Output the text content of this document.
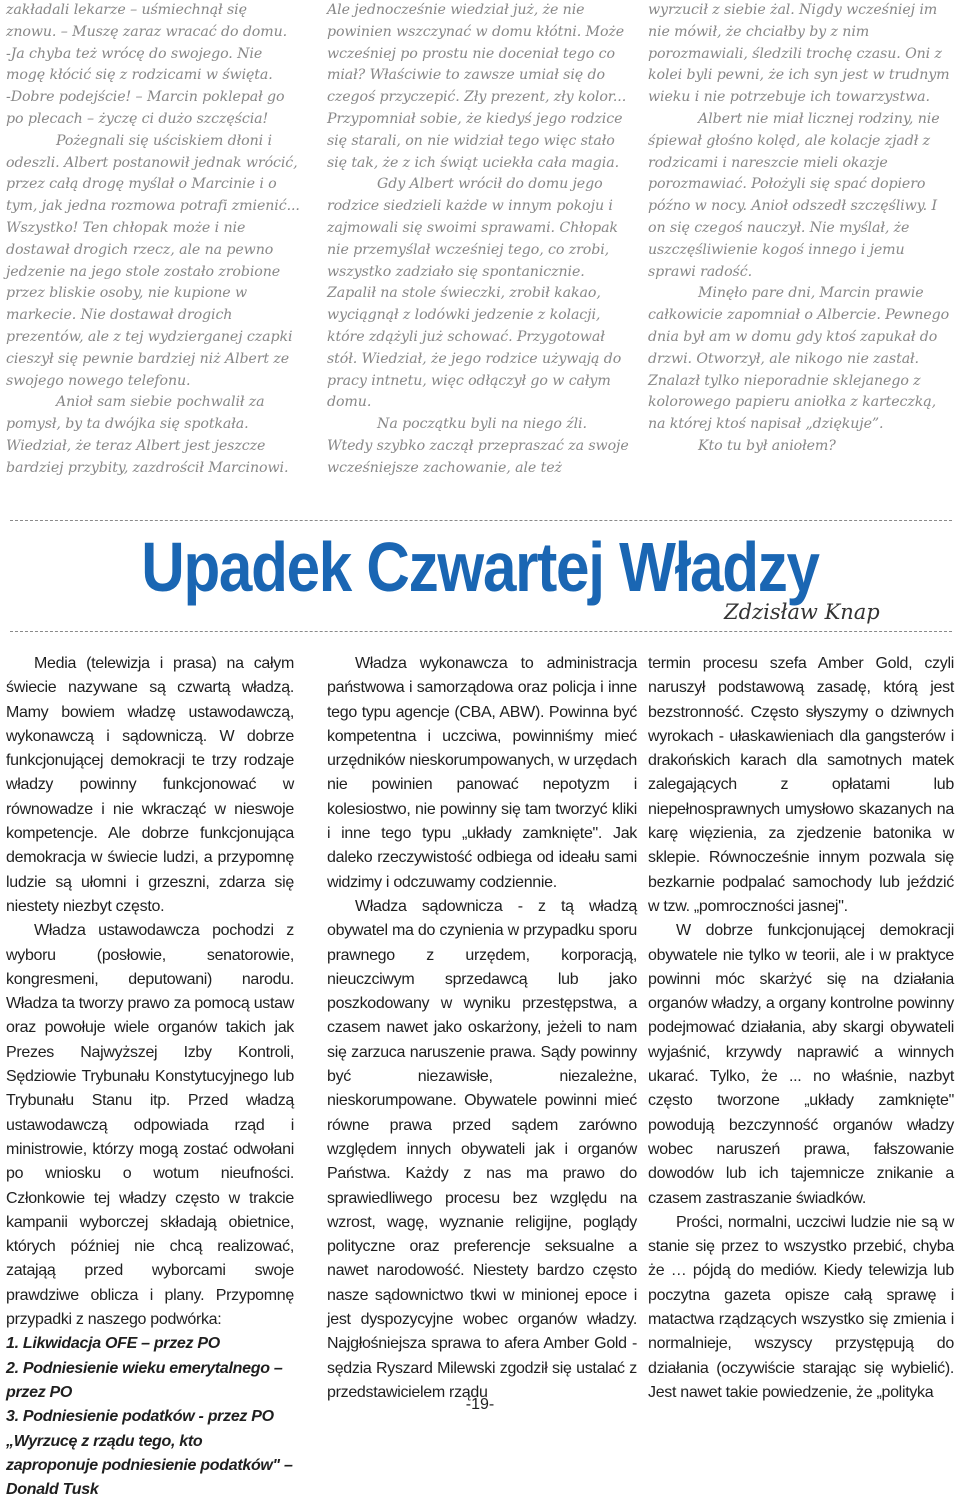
zakładali lekarze – uśmiechnął się znowu. – Muszę zaraz wracać do domu.

-Ja chyba też wrócę do swojego. Nie mogę kłócić się z rodzicami w święta.

-Dobre podejście! – Marcin poklepał go po plecach – życzę ci dużo szczęścia!

Pożegnali się uściskiem dłoni i odeszli. Albert postanowił jednak wrócić, przez całą drogę myślał o Marcinie i o tym, jak jedna rozmowa potrafi zmienić... Wszystko! Ten chłopak może i nie dostawał drogich rzecz, ale na pewno jedzenie na jego stole zostało zrobione przez bliskie osoby, nie kupione w markecie. Nie dostawał drogich prezentów, ale z tej wydzierganej czapki cieszył się pewnie bardziej niż Albert ze swojego nowego telefonu.

Anioł sam siebie pochwalił za pomysł, by ta dwójka się spotkała. Wiedział, że teraz Albert jest jeszcze bardziej przybity, zazdrościł Marcinowi.

Ale jednocześnie wiedział już, że nie powinien wszczynać w domu kłótni. Może wcześniej po prostu nie doceniał tego co miał? Właściwie to zawsze umiał się do czegoś przyczepić. Zły prezent, zły kolor... Przypomniał sobie, że kiedyś jego rodzice się starali, on nie widział tego więc stało się tak, że z ich świąt uciekła cała magia.

Gdy Albert wrócił do domu jego rodzice siedzieli każde w innym pokoju i zajmowali się swoimi sprawami. Chłopak nie przemyślał wcześniej tego, co zrobi, wszystko zadziało się spontanicznie. Zapalił na stole świeczki, zrobił kakao, wyciągnął z lodówki jedzenie z kolacji, które zdążyli już schować. Przygotował stół. Wiedział, że jego rodzice używają do pracy intnetu, więc odłączył go w całym domu.

Na początku byli na niego źli. Wtedy szybko zaczął przepraszać za swoje wcześniejsze zachowanie, ale też

wyrzucił z siebie żal. Nigdy wcześniej im nie mówił, że chciałby by z nim porozmawiali, śledzili trochę czasu. Oni z kolei byli pewni, że ich syn jest w trudnym wieku i nie potrzebuje ich towarzystwa.

Albert nie miał licznej rodziny, nie śpiewał głośno kolęd, ale kolacje zjadł z rodzicami i nareszcie mieli okazje porozmawiać. Położyli się spać dopiero późno w nocy. Anioł odszedł szczęśliwy. I on się czegoś nauczył. Nie myślał, że uszczęśliwienie kogoś innego i jemu sprawi radość.

Minęło pare dni, Marcin prawie całkowicie zapomniał o Albercie. Pewnego dnia był am w domu gdy ktoś zapukał do drzwi. Otworzył, ale nikogo nie zastał. Znalazł tylko nieporadnie sklejanego z kolorowego papieru aniołka z karteczką, na której ktoś napisał „dziękuje”.

Kto tu był aniołem?

Upadek Czwartej Władzy
Zdzisław Knap

Media (telewizja i prasa) na całym świecie nazywane są czwartą władzą. Mamy bowiem władzę ustawodawczą, wykonawczą i sądowniczą. W dobrze funkcjonującej demokracji te trzy rodzaje władzy powinny funkcjonować w równowadze i nie wkracząć w nieswoje kompetencje. Ale dobrze funkcjonująca demokracja w świecie ludzi, a przypomnę ludzie są ułomni i grzeszni, zdarza się niestety niezbyt często.

Władza ustawodawcza pochodzi z wyboru (posłowie, senatorowie, kongresmeni, deputowani) narodu. Władza ta tworzy prawo za pomocą ustaw oraz powołuje wiele organów takich jak Prezes Najwyższej Izby Kontroli, Sędziowie Trybunału Konstytucyjnego lub Trybunału Stanu itp. Przed władzą ustawodawczą odpowiada rząd i ministrowie, którzy mogą zostać odwołani po wniosku o wotum nieufności. Członkowie tej władzy często w trakcie kampanii wyborczej składają obietnice, których później nie chcą realizować, zatająą przed wyborcami swoje prawdziwe oblicza i plany. Przypomnę przypadki z naszego podwórka:

1. Likwidacja OFE – przez PO

2. Podniesienie wieku emerytalnego – przez PO

3. Podniesienie podatków - przez PO

„Wyrzucę z rządu tego, kto zaproponuje podniesienie podatków" – Donald Tusk

Władza wykonawcza to administracja państwowa i samorządowa oraz policja i inne tego typu agencje (CBA, ABW). Powinna być kompetentna i uczciwa, powinniśmy mieć urzędników nieskorumpowanych, w urzędach nie powinien panować nepotyzm i kolesiostwo, nie powinny się tam tworzyć kliki i inne tego typu „układy zamknięte". Jak daleko rzeczywistość odbiega od ideału sami widzimy i odczuwamy codziennie.

Władza sądownicza - z tą władzą obywatel ma do czynienia w przypadku sporu prawnego z urzędem, korporacją, nieuczciwym sprzedawcą lub jako poszkodowany w wyniku przestępstwa, a czasem nawet jako oskarżony, jeżeli to nam się zarzuca naruszenie prawa. Sądy powinny być niezawisłe, niezależne, nieskorumpowane. Obywatele powinni mieć równe prawa przed sądem zarówno względem innych obywateli jak i organów Państwa. Każdy z nas ma prawo do sprawiedliwego procesu bez względu na wzrost, wagę, wyznanie religijne, poglądy polityczne oraz preferencje seksualne a nawet narodowość. Niestety bardzo często nasze sądownictwo tkwi w minionej epoce i jest dyspozycyjne wobec organów władzy. Najgłośniejsza sprawa to afera Amber Gold - sędzia Ryszard Milewski zgodził się ustalać z przedstawicielem rządu

termin procesu szefa Amber Gold, czyli naruszył podstawową zasadę, którą jest bezstronność. Często słyszymy o dziwnych wyrokach - ułaskawieniach dla gangsterów i drakońskich karach dla samotnych matek zalegających z opłatami lub niepełnosprawnych umysłowo skazanych na karę więzienia, za zjedzenie batonika w sklepie. Równocześnie innym pozwala się bezkarnie podpalać samochody lub jeździć w tzw. „pomroczności jasnej".

W dobrze funkcjonującej demokracji obywatele nie tylko w teorii, ale i w praktyce powinni móc skarżyć się na działania organów władzy, a organy kontrolne powinny podejmować działania, aby skargi obywateli wyjaśnić, krzywdy naprawić a winnych ukarać. Tylko, że ... no właśnie, nazbyt często tworzone „układy zamknięte" powodują bezczynność organów władzy wobec naruszeń prawa, fałszowanie dowodów lub ich tajemnicze znikanie a czasem zastraszanie świadków.

Prości, normalni, uczciwi ludzie nie są w stanie się przez to wszystko przebić, chyba że … pójdą do mediów. Kiedy telewizja lub poczytna gazeta opisze całą sprawę i matactwa rządzących wszystko się zmienia i normalnieje, wszyscy przystępują do działania (oczywiście starając się wybielić). Jest nawet takie powiedzenie, że „polityka

-19-
